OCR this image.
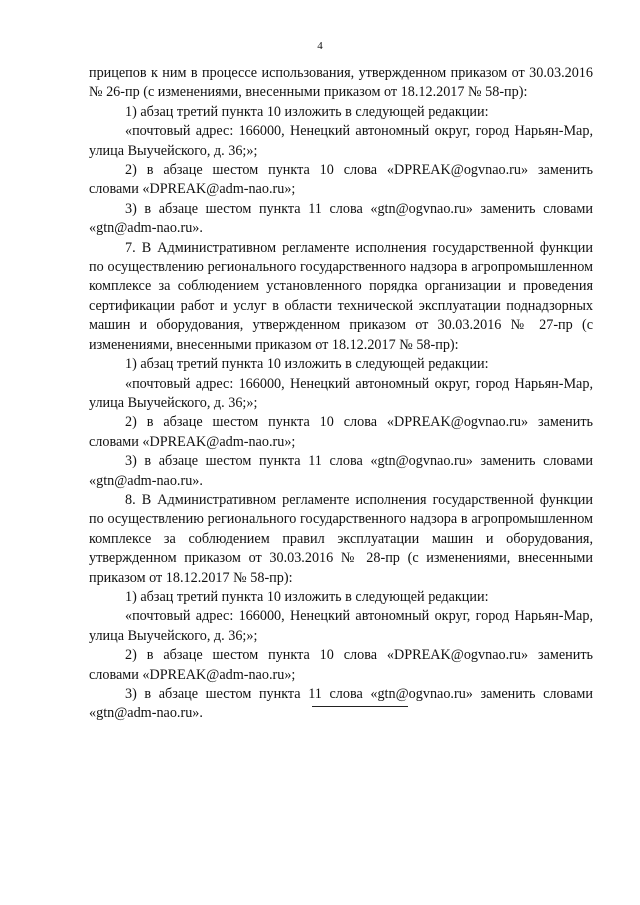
4

прицепов к ним в процессе использования, утвержденном приказом от 30.03.2016 № 26-пр (с изменениями, внесенными приказом от 18.12.2017 № 58-пр):

1) абзац третий пункта 10 изложить в следующей редакции:

«почтовый адрес: 166000, Ненецкий автономный округ, город Нарьян-Мар, улица Выучейского, д. 36;»;

2) в абзаце шестом пункта 10 слова «DPREAK@ogvnao.ru» заменить словами «DPREAK@adm-nao.ru»;

3) в абзаце шестом пункта 11 слова «gtn@ogvnao.ru» заменить словами «gtn@adm-nao.ru».

7. В Административном регламенте исполнения государственной функции по осуществлению регионального государственного надзора в агропромышленном комплексе за соблюдением установленного порядка организации и проведения сертификации работ и услуг в области технической эксплуатации поднадзорных машин и оборудования, утвержденном приказом от 30.03.2016 № 27-пр (с изменениями, внесенными приказом от 18.12.2017 № 58-пр):

1) абзац третий пункта 10 изложить в следующей редакции:

«почтовый адрес: 166000, Ненецкий автономный округ, город Нарьян-Мар, улица Выучейского, д. 36;»;

2) в абзаце шестом пункта 10 слова «DPREAK@ogvnao.ru» заменить словами «DPREAK@adm-nao.ru»;

3) в абзаце шестом пункта 11 слова «gtn@ogvnao.ru» заменить словами «gtn@adm-nao.ru».

8. В Административном регламенте исполнения государственной функции по осуществлению регионального государственного надзора в агропромышленном комплексе за соблюдением правил эксплуатации машин и оборудования, утвержденном приказом от 30.03.2016 № 28-пр (с изменениями, внесенными приказом от 18.12.2017 № 58-пр):

1) абзац третий пункта 10 изложить в следующей редакции:

«почтовый адрес: 166000, Ненецкий автономный округ, город Нарьян-Мар, улица Выучейского, д. 36;»;

2) в абзаце шестом пункта 10 слова «DPREAK@ogvnao.ru» заменить словами «DPREAK@adm-nao.ru»;

3) в абзаце шестом пункта 11 слова «gtn@ogvnao.ru» заменить словами «gtn@adm-nao.ru».
